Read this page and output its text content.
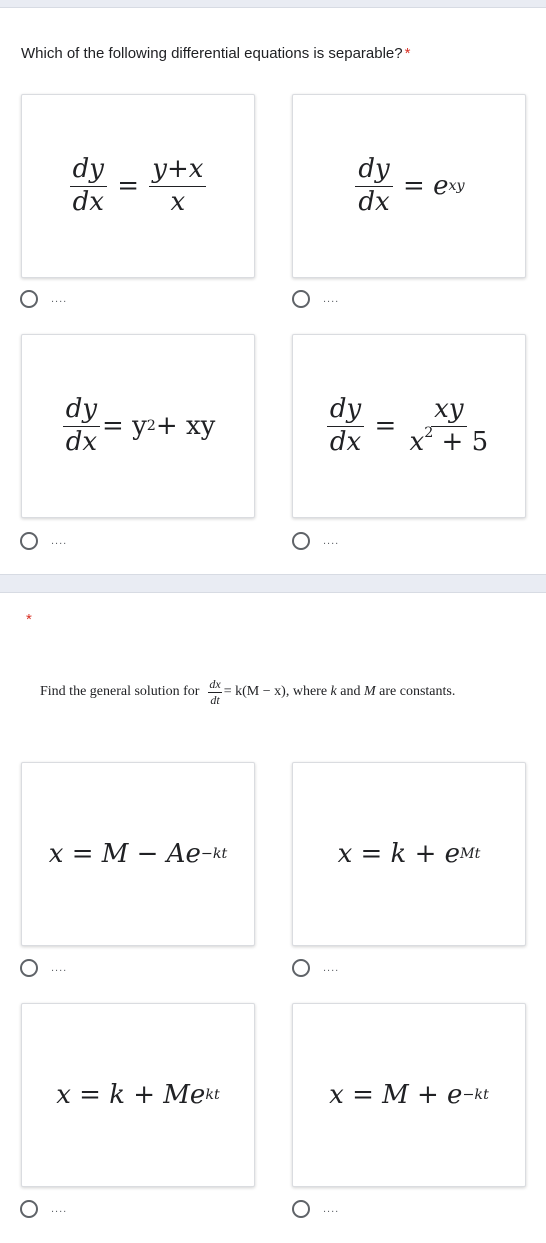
Which of the following differential equations is separable? *
$\frac{dy}{dx} = \frac{y+x}{x}$
....
$\frac{dy}{dx}$
=
e xy
....
$\frac{dy}{dx} = y$ 2 + xy
....
$\frac{dy}{dx} = \frac{xy}{x^2 + 5}$
....
*
Find the general solution for
$\frac{dx}{dt} = k(M - x)$,
where
k
and
M
are constants.
x = M − Ae −kt
....
x = k + e Mt
....
x = k + Me kt
....
x = M + e −kt
....
